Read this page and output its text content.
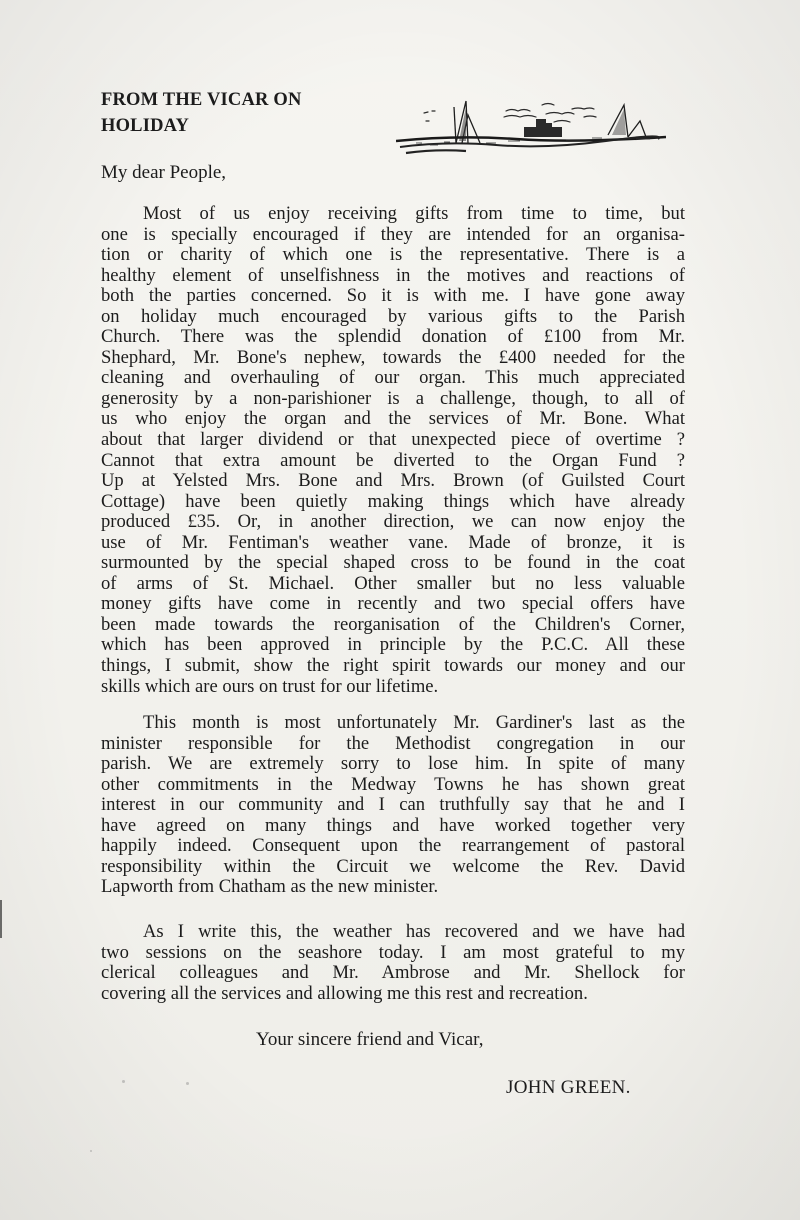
FROM THE VICAR ON
HOLIDAY

My dear People,

Most of us enjoy receiving gifts from time to time, but
one is specially encouraged if they are intended for an organisa-
tion or charity of which one is the representative. There is a
healthy element of unselfishness in the motives and reactions of
both the parties concerned. So it is with me. I have gone away
on holiday much encouraged by various gifts to the Parish
Church. There was the splendid donation of £100 from Mr.
Shephard, Mr. Bone's nephew, towards the £400 needed for the
cleaning and overhauling of our organ. This much appreciated
generosity by a non-parishioner is a challenge, though, to all of
us who enjoy the organ and the services of Mr. Bone. What
about that larger dividend or that unexpected piece of overtime ?
Cannot that extra amount be diverted to the Organ Fund ?
Up at Yelsted Mrs. Bone and Mrs. Brown (of Guilsted Court
Cottage) have been quietly making things which have already
produced £35. Or, in another direction, we can now enjoy the
use of Mr. Fentiman's weather vane. Made of bronze, it is
surmounted by the special shaped cross to be found in the coat
of arms of St. Michael. Other smaller but no less valuable
money gifts have come in recently and two special offers have
been made towards the reorganisation of the Children's Corner,
which has been approved in principle by the P.C.C. All these
things, I submit, show the right spirit towards our money and our
skills which are ours on trust for our lifetime.
This month is most unfortunately Mr. Gardiner's last as the
minister responsible for the Methodist congregation in our
parish. We are extremely sorry to lose him. In spite of many
other commitments in the Medway Towns he has shown great
interest in our community and I can truthfully say that he and I
have agreed on many things and have worked together very
happily indeed. Consequent upon the rearrangement of pastoral
responsibility within the Circuit we welcome the Rev. David
Lapworth from Chatham as the new minister.
As I write this, the weather has recovered and we have had
two sessions on the seashore today. I am most grateful to my
clerical colleagues and Mr. Ambrose and Mr. Shellock for
covering all the services and allowing me this rest and recreation.

Your sincere friend and Vicar,

JOHN GREEN.
